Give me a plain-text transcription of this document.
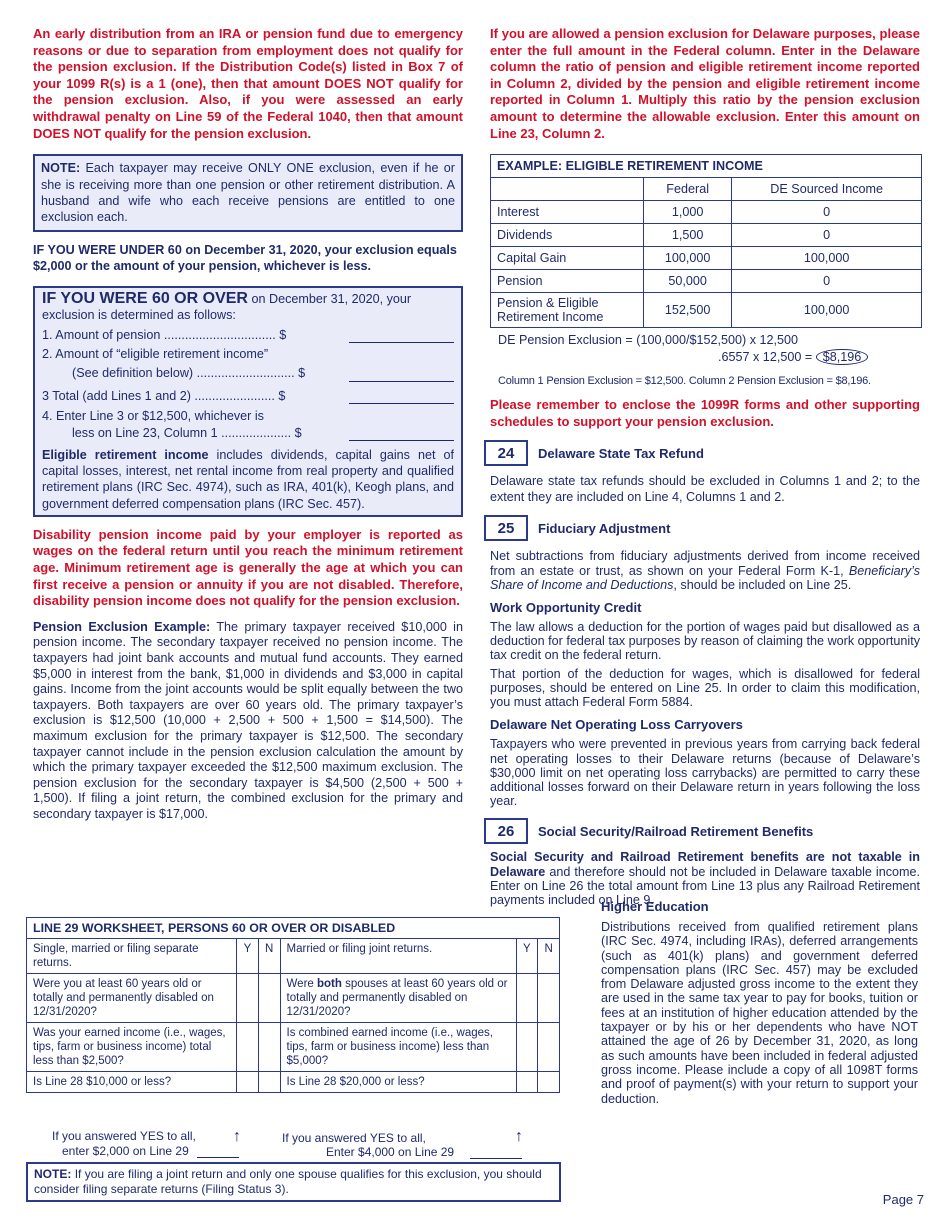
An early distribution from an IRA or pension fund due to emergency reasons or due to separation from employment does not qualify for the pension exclusion. If the Distribution Code(s) listed in Box 7 of your 1099 R(s) is a 1 (one), then that amount DOES NOT qualify for the pension exclusion. Also, if you were assessed an early withdrawal penalty on Line 59 of the Federal 1040, then that amount DOES NOT qualify for the pension exclusion.

NOTE: Each taxpayer may receive ONLY ONE exclusion, even if he or she is receiving more than one pension or other retirement distribution. A husband and wife who each receive pensions are entitled to one exclusion each.

IF YOU WERE UNDER 60 on December 31, 2020, your exclusion equals $2,000 or the amount of your pension, whichever is less.

IF YOU WERE 60 OR OVER on December 31, 2020, your exclusion is determined as follows:
1. Amount of pension ................................ $
2. Amount of “eligible retirement income”
(See definition below) ............................ $
3 Total (add Lines 1 and 2) ....................... $
4. Enter Line 3 or $12,500, whichever is
less on Line 23, Column 1 .................... $

Eligible retirement income includes dividends, capital gains net of capital losses, interest, net rental income from real property and qualified retirement plans (IRC Sec. 4974), such as IRA, 401(k), Keogh plans, and government deferred compensation plans (IRC Sec. 457).

Disability pension income paid by your employer is reported as wages on the federal return until you reach the minimum retirement age. Minimum retirement age is generally the age at which you can first receive a pension or annuity if you are not disabled. Therefore, disability pension income does not qualify for the pension exclusion.

Pension Exclusion Example: The primary taxpayer received $10,000 in pension income. The secondary taxpayer received no pension income. The taxpayers had joint bank accounts and mutual fund accounts. They earned $5,000 in interest from the bank, $1,000 in dividends and $3,000 in capital gains. Income from the joint accounts would be split equally between the two taxpayers. Both taxpayers are over 60 years old. The primary taxpayer’s exclusion is $12,500 (10,000 + 2,500 + 500 + 1,500 = $14,500). The maximum exclusion for the primary taxpayer is $12,500. The secondary taxpayer cannot include in the pension exclusion calculation the amount by which the primary taxpayer exceeded the $12,500 maximum exclusion. The pension exclusion for the secondary taxpayer is $4,500 (2,500 + 500 + 1,500). If filing a joint return, the combined exclusion for the primary and secondary taxpayer is $17,000.

LINE 29 WORKSHEET, PERSONS 60 OR OVER OR DISABLED					
Single, married or filing separate returns.	Y	N	Married or filing joint returns.	Y	N
Were you at least 60 years old or totally and permanently disabled on 12/31/2020?			Were both spouses at least 60 years old or totally and permanently disabled on 12/31/2020?		
Was your earned income (i.e., wages, tips, farm or business income) total less than $2,500?			Is combined earned income (i.e., wages, tips, farm or business income) less than $5,000?		
Is Line 28 $10,000 or less?			Is Line 28 $20,000 or less?		
If you answered YES to all,
enter $2,000 on Line 29
↑	If you answered YES to all,
Enter $4,000 on Line 29
↑
NOTE: If you are filing a joint return and only one spouse qualifies for this exclusion, you should consider filing separate returns (Filing Status 3).

If you are allowed a pension exclusion for Delaware purposes, please enter the full amount in the Federal column. Enter in the Delaware column the ratio of pension and eligible retirement income reported in Column 2, divided by the pension and eligible retirement income reported in Column 1. Multiply this ratio by the pension exclusion amount to determine the allowable exclusion. Enter this amount on Line 23, Column 2.

EXAMPLE: ELIGIBLE RETIREMENT INCOME		
	Federal	DE Sourced Income
Interest	1,000	0
Dividends	1,500	0
Capital Gain	100,000	100,000
Pension	50,000	0
Pension & Eligible Retirement Income	152,500	100,000
DE Pension Exclusion = (100,000/$152,500) x 12,500
.6557 x 12,500 = $8,196
Column 1 Pension Exclusion = $12,500. Column 2 Pension Exclusion = $8,196.

Please remember to enclose the 1099R forms and other supporting schedules to support your pension exclusion.

24	Delaware State Tax Refund

Delaware state tax refunds should be excluded in Columns 1 and 2; to the extent they are included on Line 4, Columns 1 and 2.

25	Fiduciary Adjustment

Net subtractions from fiduciary adjustments derived from income received from an estate or trust, as shown on your Federal Form K-1, Beneficiary’s Share of Income and Deductions, should be included on Line 25.

Work Opportunity Credit

The law allows a deduction for the portion of wages paid but disallowed as a deduction for federal tax purposes by reason of claiming the work opportunity tax credit on the federal return.

That portion of the deduction for wages, which is disallowed for federal purposes, should be entered on Line 25. In order to claim this modification, you must attach Federal Form 5884.

Delaware Net Operating Loss Carryovers

Taxpayers who were prevented in previous years from carrying back federal net operating losses to their Delaware returns (because of Delaware’s $30,000 limit on net operating loss carrybacks) are permitted to carry these additional losses forward on their Delaware return in years following the loss year.

26	Social Security/Railroad Retirement Benefits

Social Security and Railroad Retirement benefits are not taxable in Delaware and therefore should not be included in Delaware taxable income. Enter on Line 26 the total amount from Line 13 plus any Railroad Retirement payments included on Line 9.

Higher Education

Distributions received from qualified retirement plans (IRC Sec. 4974, including IRAs), deferred arrangements (such as 401(k) plans) and government deferred compensation plans (IRC Sec. 457) may be excluded from Delaware adjusted gross income to the extent they are used in the same tax year to pay for books, tuition or fees at an institution of higher education attended by the taxpayer or by his or her dependents who have NOT attained the age of 26 by December 31, 2020, as long as such amounts have been included in federal adjusted gross income. Please include a copy of all 1098T forms and proof of payment(s) with your return to support your deduction.

Page 7
